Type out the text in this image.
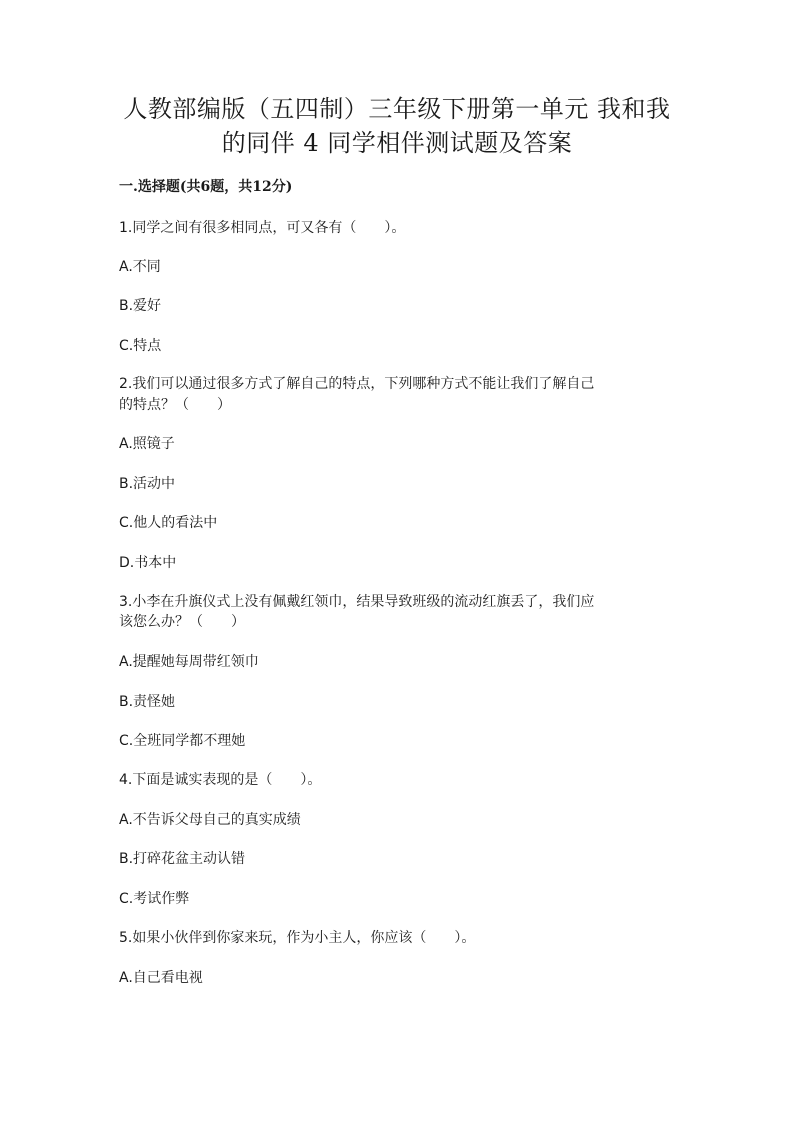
人教部编版（五四制）三年级下册第一单元 我和我
的同伴 4 同学相伴测试题及答案

一.选择题(共6题，共12分)

1.同学之间有很多相同点，可又各有（　　）。

A.不同

B.爱好

C.特点

2.我们可以通过很多方式了解自己的特点，下列哪种方式不能让我们了解自己

的特点？（　　）

A.照镜子

B.活动中

C.他人的看法中

D.书本中

3.小李在升旗仪式上没有佩戴红领巾，结果导致班级的流动红旗丢了，我们应

该您么办？（　　）

A.提醒她每周带红领巾

B.责怪她

C.全班同学都不理她

4.下面是诚实表现的是（　　）。

A.不告诉父母自己的真实成绩

B.打碎花盆主动认错

C.考试作弊

5.如果小伙伴到你家来玩，作为小主人，你应该（　　）。

A.自己看电视
